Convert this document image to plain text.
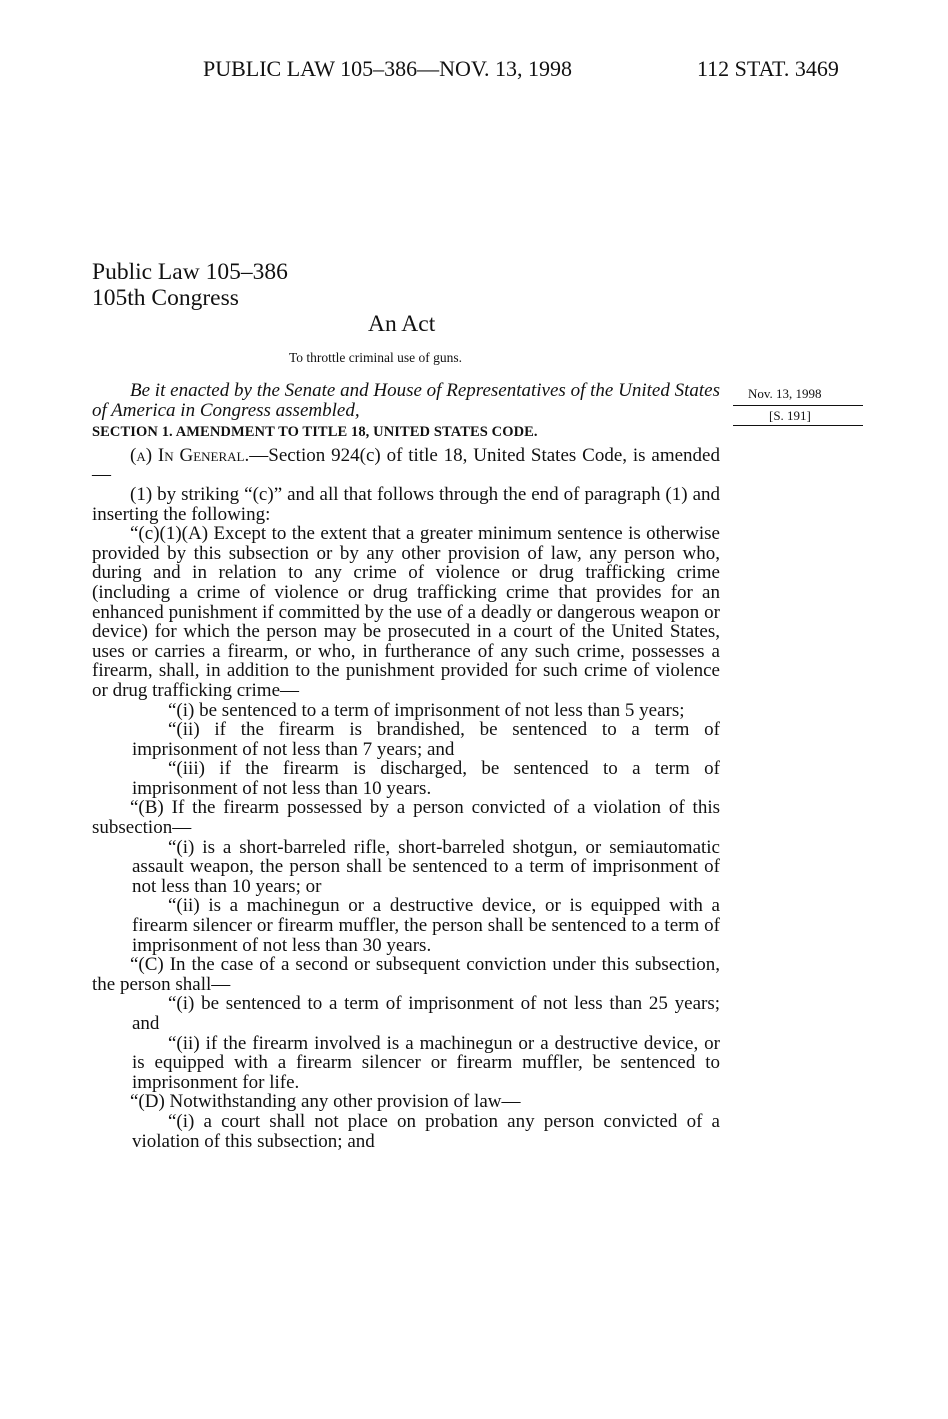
PUBLIC LAW 105–386—NOV. 13, 1998	112 STAT. 3469

Public Law 105–386

105th Congress

An Act

To throttle criminal use of guns.

Nov. 13, 1998

[S. 191]

Be it enacted by the Senate and House of Representatives of the United States of America in Congress assembled,

SECTION 1. AMENDMENT TO TITLE 18, UNITED STATES CODE.

(a) In General.—Section 924(c) of title 18, United States Code, is amended—

(1) by striking “(c)” and all that follows through the end of paragraph (1) and inserting the following:

“(c)(1)(A) Except to the extent that a greater minimum sentence is otherwise provided by this subsection or by any other provision of law, any person who, during and in relation to any crime of violence or drug trafficking crime (including a crime of violence or drug trafficking crime that provides for an enhanced punishment if committed by the use of a deadly or dangerous weapon or device) for which the person may be prosecuted in a court of the United States, uses or carries a firearm, or who, in furtherance of any such crime, possesses a firearm, shall, in addition to the punishment provided for such crime of violence or drug trafficking crime—

“(i) be sentenced to a term of imprisonment of not less than 5 years;

“(ii) if the firearm is brandished, be sentenced to a term of imprisonment of not less than 7 years; and

“(iii) if the firearm is discharged, be sentenced to a term of imprisonment of not less than 10 years.

“(B) If the firearm possessed by a person convicted of a violation of this subsection—

“(i) is a short-barreled rifle, short-barreled shotgun, or semiautomatic assault weapon, the person shall be sentenced to a term of imprisonment of not less than 10 years; or

“(ii) is a machinegun or a destructive device, or is equipped with a firearm silencer or firearm muffler, the person shall be sentenced to a term of imprisonment of not less than 30 years.

“(C) In the case of a second or subsequent conviction under this subsection, the person shall—

“(i) be sentenced to a term of imprisonment of not less than 25 years; and

“(ii) if the firearm involved is a machinegun or a destructive device, or is equipped with a firearm silencer or firearm muffler, be sentenced to imprisonment for life.

“(D) Notwithstanding any other provision of law—

“(i) a court shall not place on probation any person convicted of a violation of this subsection; and
